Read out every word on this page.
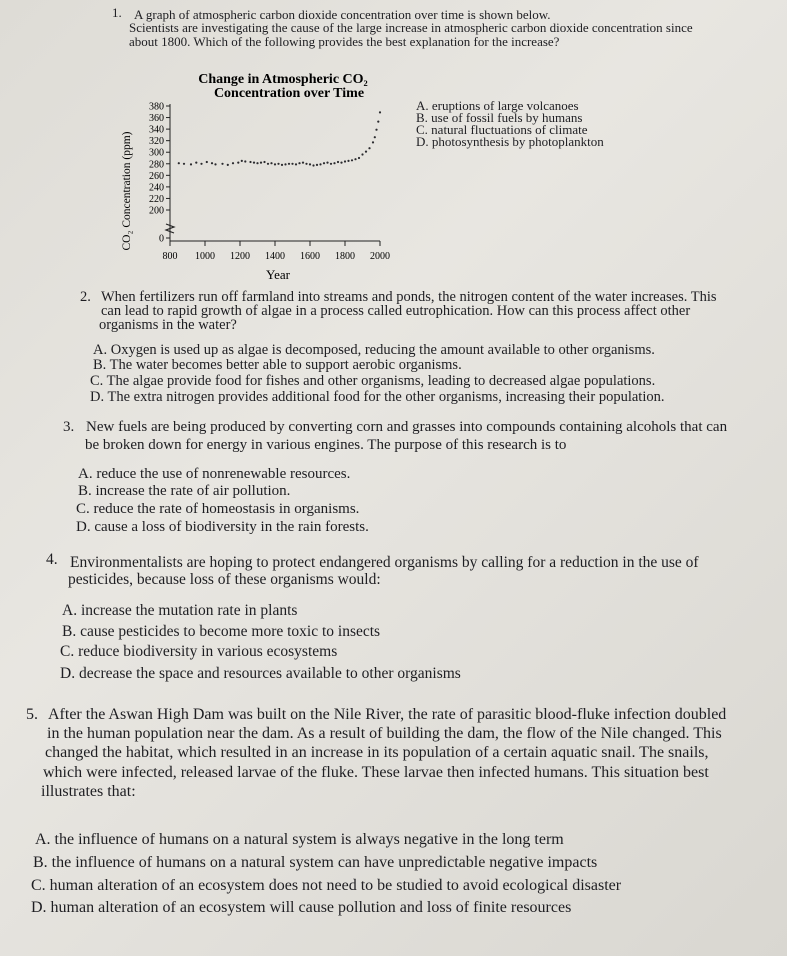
1. A graph of atmospheric carbon dioxide concentration over time is shown below.
Scientists are investigating the cause of the large increase in atmospheric carbon dioxide concentration since
about 1800. Which of the following provides the best explanation for the increase?
A. eruptions of large volcanoes
B. use of fossil fuels by humans
C. natural fluctuations of climate
D. photosynthesis by photoplankton
Change in Atmospheric CO₂
Concentration over Time
CO₂ Concentration (ppm)
380
360
340
320
300
280
260
240
220
200
0
800 1000 1200 1400 1600 1800 2000
Year
2. When fertilizers run off farmland into streams and ponds, the nitrogen content of the water increases. This
can lead to rapid growth of algae in a process called eutrophication. How can this process affect other
organisms in the water?
A. Oxygen is used up as algae is decomposed, reducing the amount available to other organisms.
B. The water becomes better able to support aerobic organisms.
C. The algae provide food for fishes and other organisms, leading to decreased algae populations.
D. The extra nitrogen provides additional food for the other organisms, increasing their population.
3. New fuels are being produced by converting corn and grasses into compounds containing alcohols that can
be broken down for energy in various engines. The purpose of this research is to
A. reduce the use of nonrenewable resources.
B. increase the rate of air pollution.
C. reduce the rate of homeostasis in organisms.
D. cause a loss of biodiversity in the rain forests.
4. Environmentalists are hoping to protect endangered organisms by calling for a reduction in the use of
pesticides, because loss of these organisms would:
A. increase the mutation rate in plants
B. cause pesticides to become more toxic to insects
C. reduce biodiversity in various ecosystems
D. decrease the space and resources available to other organisms
5. After the Aswan High Dam was built on the Nile River, the rate of parasitic blood-fluke infection doubled
in the human population near the dam. As a result of building the dam, the flow of the Nile changed. This
changed the habitat, which resulted in an increase in its population of a certain aquatic snail. The snails,
which were infected, released larvae of the fluke. These larvae then infected humans. This situation best
illustrates that:
A. the influence of humans on a natural system is always negative in the long term
B. the influence of humans on a natural system can have unpredictable negative impacts
C. human alteration of an ecosystem does not need to be studied to avoid ecological disaster
D. human alteration of an ecosystem will cause pollution and loss of finite resources
